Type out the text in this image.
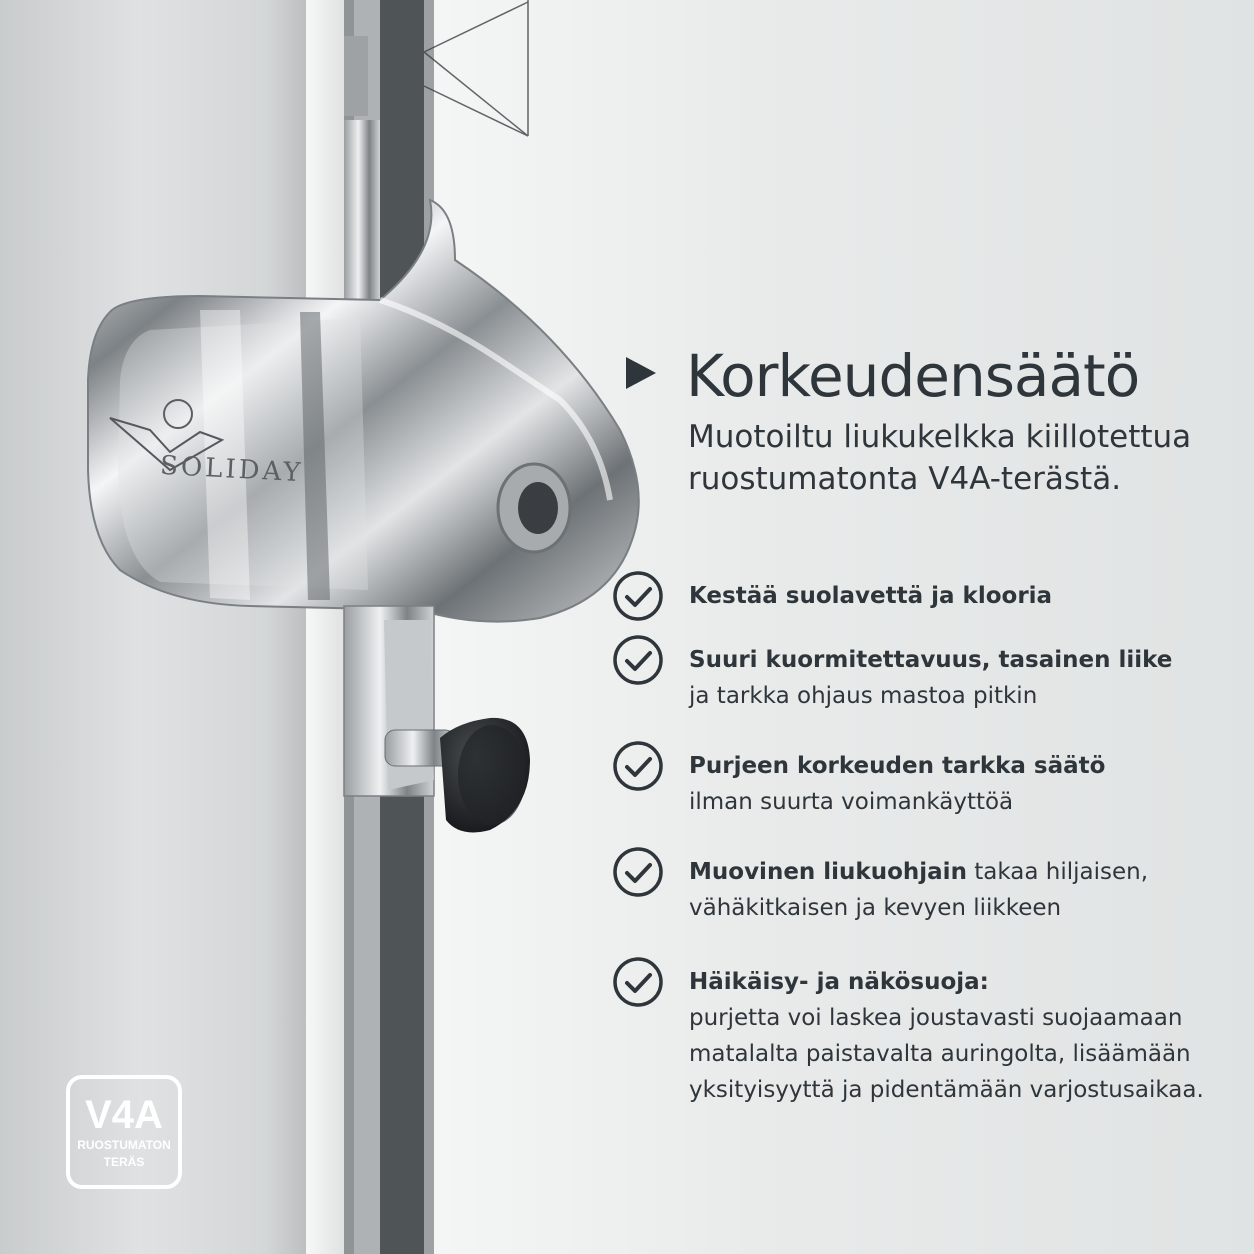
SOLIDAY
Korkeudensäätö

Muotoiltu liukukelkka kiillotettua ruostumatonta V4A-terästä.

Kestää suolavettä ja klooria
Suuri kuormitettavuus, tasainen liike
ja tarkka ohjaus mastoa pitkin
Purjeen korkeuden tarkka säätö
ilman suurta voimankäyttöä
Muovinen liukuohjain takaa hiljaisen, vähäkitkaisen ja kevyen liikkeen
Häikäisy- ja näkösuoja:
purjetta voi laskea joustavasti suojaamaan matalalta paistavalta auringolta, lisäämään yksityisyyttä ja pidentämään varjostusaikaa.
V4A
RUOSTUMATON
TERÄS
